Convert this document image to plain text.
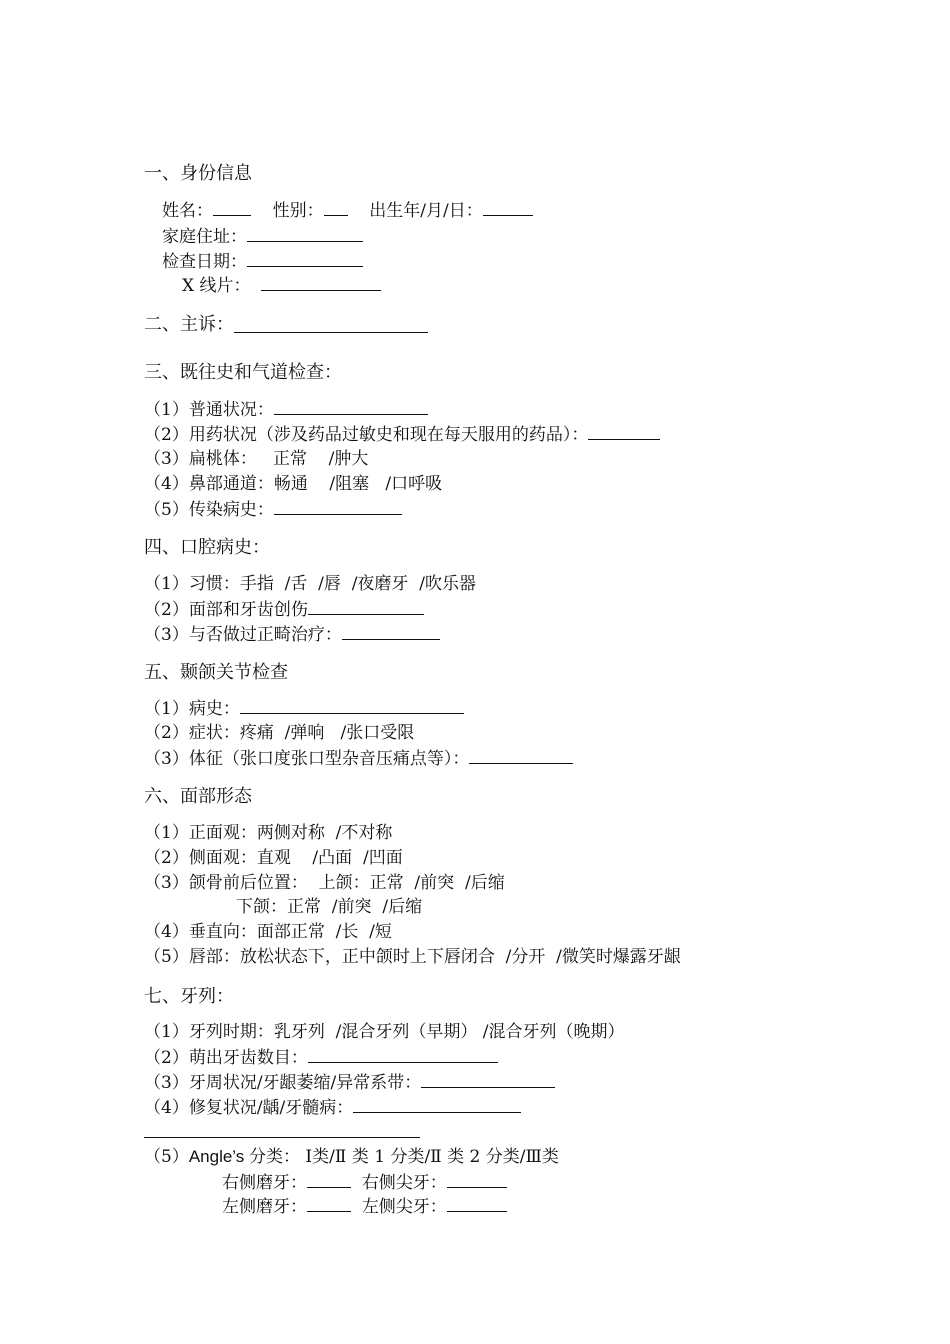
一、身份信息
姓名：	性别：	出生年/月/日：
家庭住址：
检查日期：
X 线片：
二、主诉：
三、既往史和气道检查：
（1）普通状况：
（2）用药状况（涉及药品过敏史和现在每天服用的药品）：
（3）扁桃体：   正常    /肿大
（4）鼻部通道：畅通    /阻塞   /口呼吸
（5）传染病史：
四、口腔病史：
（1）习惯：手指  /舌  /唇  /夜磨牙  /吹乐器
（2）面部和牙齿创伤
（3）与否做过正畸治疗：
五、颞颌关节检查
（1）病史：
（2）症状：疼痛  /弹响   /张口受限
（3）体征（张口度张口型杂音压痛点等）：
六、面部形态
（1）正面观：两侧对称  /不对称
（2）侧面观：直观    /凸面  /凹面
（3）颌骨前后位置：  上颌：正常  /前突  /后缩
下颌：正常  /前突  /后缩
（4）垂直向：面部正常  /长  /短
（5）唇部：放松状态下，正中颌时上下唇闭合  /分开  /微笑时爆露牙龈
七、牙列：
（1）牙列时期：乳牙列  /混合牙列（早期） /混合牙列（晚期）
（2）萌出牙齿数目：
（3）牙周状况/牙龈萎缩/异常系带：
（4）修复状况/龋/牙髓病：
（5）Angle’s 分类： Ⅰ类/Ⅱ 类 1 分类/Ⅱ 类 2 分类/Ⅲ类
右侧磨牙：	右侧尖牙：
左侧磨牙：	左侧尖牙：
